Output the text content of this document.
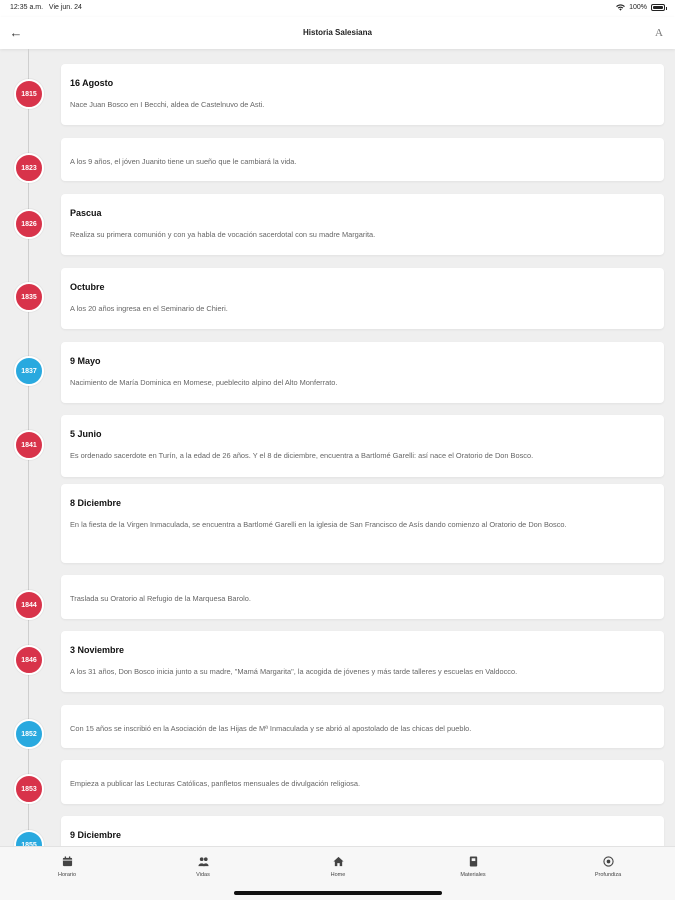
12:35 a.m. Vie jun. 24	100%
←	Historia Salesiana	A
16 Agosto
Nace Juan Bosco en I Becchi, aldea de Castelnuvo de Asti.
1815
A los 9 años, el jóven Juanito tiene un sueño que le cambiará la vida.
1823
Pascua
Realiza su primera comunión y con ya habla de vocación sacerdotal con su madre Margarita.
1826
Octubre
A los 20 años ingresa en el Seminario de Chieri.
1835
9 Mayo
Nacimiento de María Dominica en Momese, pueblecito alpino del Alto Monferrato.
1837
5 Junio
Es ordenado sacerdote en Turín, a la edad de 26 años. Y el 8 de diciembre, encuentra a Bartlomé Garelli: así nace el Oratorio de Don Bosco.
1841
8 Diciembre
En la fiesta de la Virgen Inmaculada, se encuentra a Bartlomé Garelli en la iglesia de San Francisco de Asís dando comienzo al Oratorio de Don Bosco.
Traslada su Oratorio al Refugio de la Marquesa Barolo.
1844
3 Noviembre
A los 31 años, Don Bosco inicia junto a su madre, "Mamá Margarita", la acogida de jóvenes y más tarde talleres y escuelas en Valdocco.
1846
Con 15 años se inscribió en la Asociación de las Hijas de Mª Inmaculada y se abrió al apostolado de las chicas del pueblo.
1852
Empieza a publicar las Lecturas Católicas, panfletos mensuales de divulgación religiosa.
1853
9 Diciembre
1855
Horario	Vidas	Home	Materiales	Profundiza
